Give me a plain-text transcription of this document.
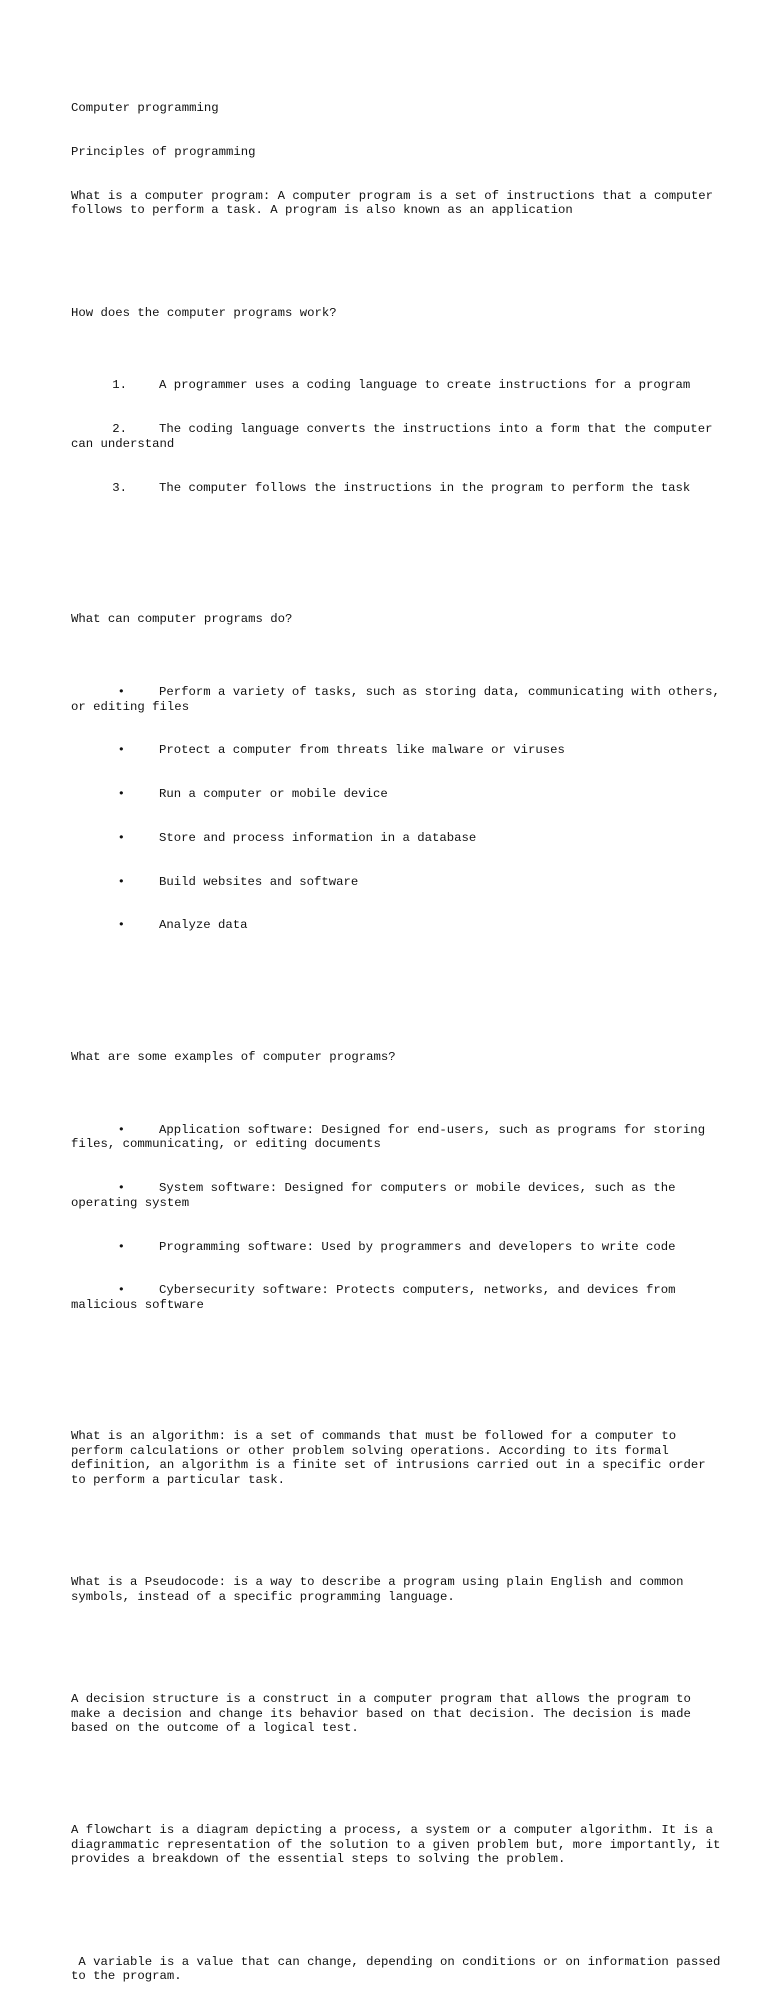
Computer programming

Principles of programming

What is a computer program: A computer program is a set of instructions that a computer follows to perform a task. A program is also known as an application

How does the computer programs work?

1.	A programmer uses a coding language to create instructions for a program

2.	The coding language converts the instructions into a form that the computer can understand

3.	The computer follows the instructions in the program to perform the task

What can computer programs do?

•	Perform a variety of tasks, such as storing data, communicating with others, or editing files

•	Protect a computer from threats like malware or viruses

•	Run a computer or mobile device

•	Store and process information in a database

•	Build websites and software

•	Analyze data

What are some examples of computer programs?

•	Application software: Designed for end-users, such as programs for storing files, communicating, or editing documents

•	System software: Designed for computers or mobile devices, such as the operating system

•	Programming software: Used by programmers and developers to write code

•	Cybersecurity software: Protects computers, networks, and devices from malicious software

What is an algorithm: is a set of commands that must be followed for a computer to perform calculations or other problem solving operations. According to its formal definition, an algorithm is a finite set of intrusions carried out in a specific order to perform a particular task.

What is a Pseudocode: is a way to describe a program using plain English and common symbols, instead of a specific programming language.

A decision structure is a construct in a computer program that allows the program to make a decision and change its behavior based on that decision. The decision is made based on the outcome of a logical test.

A flowchart is a diagram depicting a process, a system or a computer algorithm. It is a diagrammatic representation of the solution to a given problem but, more importantly, it provides a breakdown of the essential steps to solving the problem.

A variable is a value that can change, depending on conditions or on information passed to the program.
